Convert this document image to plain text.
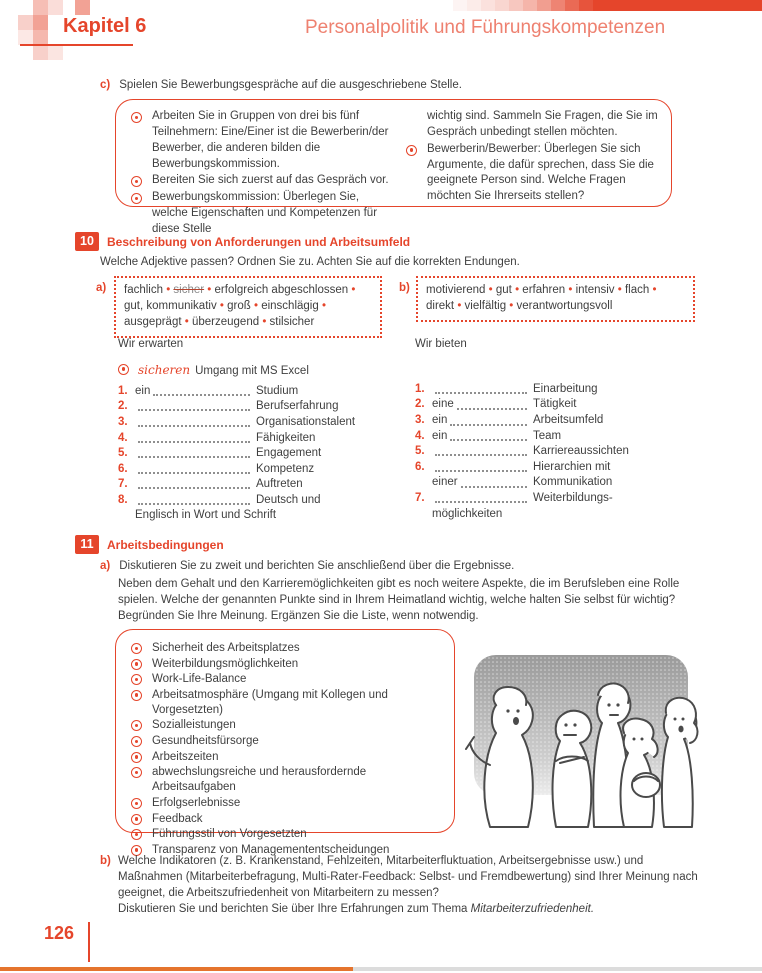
Kapitel 6	Personalpolitik und Führungskompetenzen
c) Spielen Sie Bewerbungsgespräche auf die ausgeschriebene Stelle.
Arbeiten Sie in Gruppen von drei bis fünf Teilnehmern: Eine/Einer ist die Bewerberin/der Bewerber, die anderen bilden die Bewerbungskommission.
Bereiten Sie sich zuerst auf das Gespräch vor.
Bewerbungskommission: Überlegen Sie, welche Eigenschaften und Kompetenzen für diese Stelle
wichtig sind. Sammeln Sie Fragen, die Sie im Gespräch unbedingt stellen möchten.
Bewerberin/Bewerber: Überlegen Sie sich Argumente, die dafür sprechen, dass Sie die geeignete Person sind. Welche Fragen möchten Sie Ihrerseits stellen?
10	Beschreibung von Anforderungen und Arbeitsumfeld
Welche Adjektive passen? Ordnen Sie zu. Achten Sie auf die korrekten Endungen.
a)	fachlich • sicher • erfolgreich abgeschlossen • gut, kommunikativ • groß • einschlägig • ausgeprägt • überzeugend • stilsicher
b)	motivierend • gut • erfahren • intensiv • flach • direkt • vielfältig • verantwortungsvoll
Wir erwarten
sicheren Umgang mit MS Excel
1. ein	Studium
2.	Berufserfahrung
3.	Organisationstalent
4.	Fähigkeiten
5.	Engagement
6.	Kompetenz
7.	Auftreten
8.	Deutsch und
Englisch in Wort und Schrift
Wir bieten
1.	Einarbeitung
2. eine	Tätigkeit
3. ein	Arbeitsumfeld
4. ein	Team
5.	Karriereaussichten
6.	Hierarchien mit
einer	Kommunikation
7.	Weiterbildungs-
möglichkeiten
11	Arbeitsbedingungen
a) Diskutieren Sie zu zweit und berichten Sie anschließend über die Ergebnisse.
Neben dem Gehalt und den Karrieremöglichkeiten gibt es noch weitere Aspekte, die im Berufsleben eine Rolle spielen. Welche der genannten Punkte sind in Ihrem Heimatland wichtig, welche halten Sie selbst für wichtig? Begründen Sie Ihre Meinung. Ergänzen Sie die Liste, wenn notwendig.
Sicherheit des Arbeitsplatzes
Weiterbildungsmöglichkeiten
Work-Life-Balance
Arbeitsatmosphäre (Umgang mit Kollegen und Vorgesetzten)
Sozialleistungen
Gesundheitsfürsorge
Arbeitszeiten
abwechslungsreiche und herausfordernde Arbeitsaufgaben
Erfolgserlebnisse
Feedback
Führungsstil von Vorgesetzten
Transparenz von Managemententscheidungen
b) Welche Indikatoren (z. B. Krankenstand, Fehlzeiten, Mitarbeiterfluktuation, Arbeitsergebnisse usw.) und Maßnahmen (Mitarbeiterbefragung, Multi-Rater-Feedback: Selbst- und Fremdbewertung) sind Ihrer Meinung nach geeignet, die Arbeitszufriedenheit von Mitarbeitern zu messen?
Diskutieren Sie und berichten Sie über Ihre Erfahrungen zum Thema Mitarbeiterzufriedenheit.
126
